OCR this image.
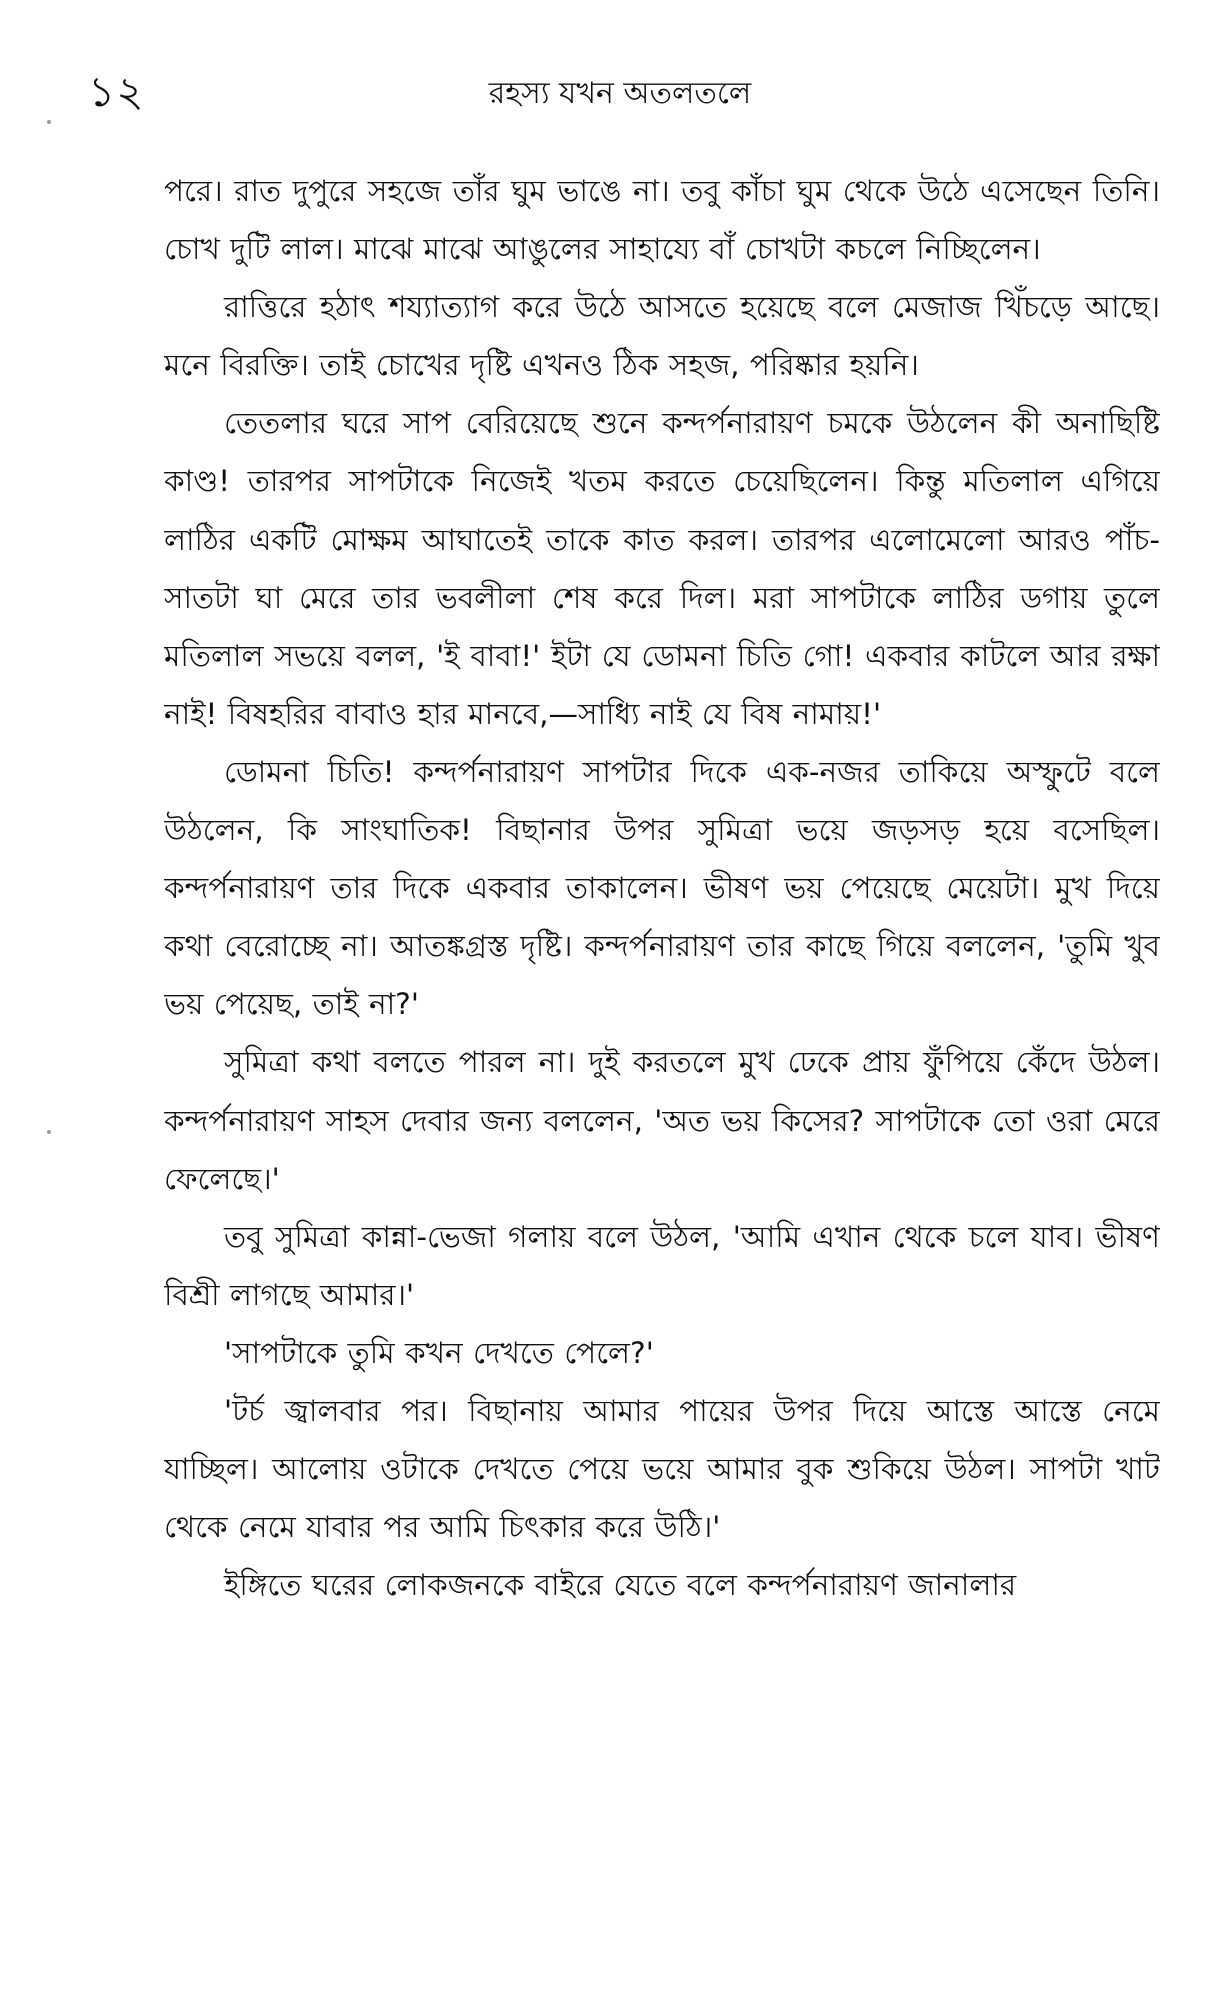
১২	রহস্য যখন অতলতলে

পরে। রাত দুপুরে সহজে তাঁর ঘুম ভাঙে না। তবু কাঁচা ঘুম থেকে উঠে এসেছেন তিনি। চোখ দুটি লাল। মাঝে মাঝে আঙুলের সাহায্যে বাঁ চোখটা কচলে নিচ্ছিলেন।

রাত্তিরে হঠাৎ শয্যাত্যাগ করে উঠে আসতে হয়েছে বলে মেজাজ খিঁচড়ে আছে। মনে বিরক্তি। তাই চোখের দৃষ্টি এখনও ঠিক সহজ, পরিষ্কার হয়নি।

তেতলার ঘরে সাপ বেরিয়েছে শুনে কন্দর্পনারায়ণ চমকে উঠলেন কী অনাছিষ্টি কাণ্ড! তারপর সাপটাকে নিজেই খতম করতে চেয়েছিলেন। কিন্তু মতিলাল এগিয়ে লাঠির একটি মোক্ষম আঘাতেই তাকে কাত করল। তারপর এলোমেলো আরও পাঁচ-সাতটা ঘা মেরে তার ভবলীলা শেষ করে দিল। মরা সাপটাকে লাঠির ডগায় তুলে মতিলাল সভয়ে বলল, 'ই বাবা!' ইটা যে ডোমনা চিতি গো! একবার কাটলে আর রক্ষা নাই! বিষহরির বাবাও হার মানবে,—সাধ্যি নাই যে বিষ নামায়!'

ডোমনা চিতি! কন্দর্পনারায়ণ সাপটার দিকে এক-নজর তাকিয়ে অস্ফুটে বলে উঠলেন, কি সাংঘাতিক! বিছানার উপর সুমিত্রা ভয়ে জড়সড় হয়ে বসেছিল। কন্দর্পনারায়ণ তার দিকে একবার তাকালেন। ভীষণ ভয় পেয়েছে মেয়েটা। মুখ দিয়ে কথা বেরোচ্ছে না। আতঙ্কগ্রস্ত দৃষ্টি। কন্দর্পনারায়ণ তার কাছে গিয়ে বললেন, 'তুমি খুব ভয় পেয়েছ, তাই না?'

সুমিত্রা কথা বলতে পারল না। দুই করতলে মুখ ঢেকে প্রায় ফুঁপিয়ে কেঁদে উঠল। কন্দর্পনারায়ণ সাহস দেবার জন্য বললেন, 'অত ভয় কিসের? সাপটাকে তো ওরা মেরে ফেলেছে।'

তবু সুমিত্রা কান্না-ভেজা গলায় বলে উঠল, 'আমি এখান থেকে চলে যাব। ভীষণ বিশ্রী লাগছে আমার।'

'সাপটাকে তুমি কখন দেখতে পেলে?'

'টর্চ জ্বালবার পর। বিছানায় আমার পায়ের উপর দিয়ে আস্তে আস্তে নেমে যাচ্ছিল। আলোয় ওটাকে দেখতে পেয়ে ভয়ে আমার বুক শুকিয়ে উঠল। সাপটা খাট থেকে নেমে যাবার পর আমি চিৎকার করে উঠি।'

ইঙ্গিতে ঘরের লোকজনকে বাইরে যেতে বলে কন্দর্পনারায়ণ জানালার
